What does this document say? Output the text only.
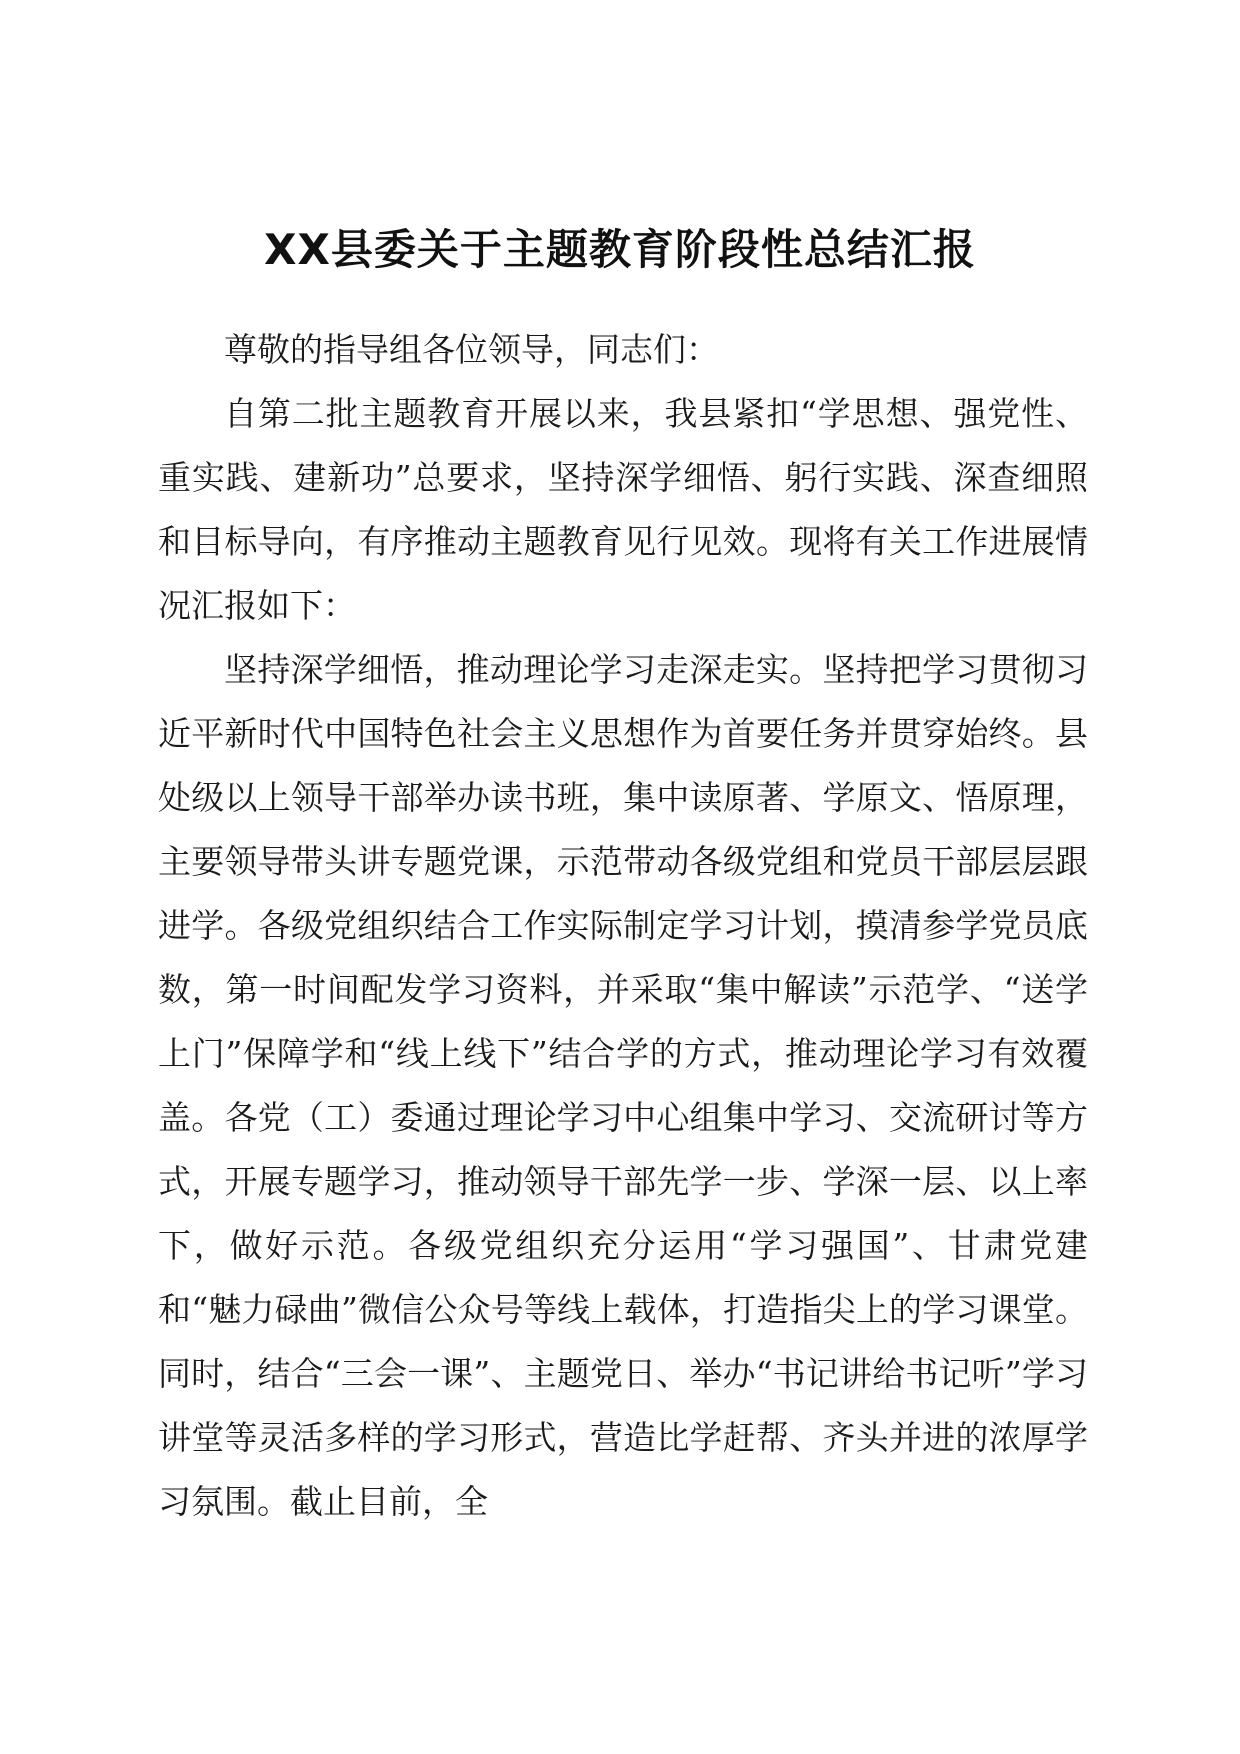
XX县委关于主题教育阶段性总结汇报

尊敬的指导组各位领导，同志们：

自第二批主题教育开展以来，我县紧扣“学思想、强党性、重实践、建新功”总要求，坚持深学细悟、躬行实践、深查细照和目标导向，有序推动主题教育见行见效。现将有关工作进展情况汇报如下：

坚持深学细悟，推动理论学习走深走实。坚持把学习贯彻习近平新时代中国特色社会主义思想作为首要任务并贯穿始终。县处级以上领导干部举办读书班，集中读原著、学原文、悟原理，主要领导带头讲专题党课，示范带动各级党组和党员干部层层跟进学。各级党组织结合工作实际制定学习计划，摸清参学党员底数，第一时间配发学习资料，并采取“集中解读”示范学、“送学上门”保障学和“线上线下”结合学的方式，推动理论学习有效覆盖。各党（工）委通过理论学习中心组集中学习、交流研讨等方式，开展专题学习，推动领导干部先学一步、学深一层、以上率下，做好示范。各级党组织充分运用“学习强国”、甘肃党建和“魅力碌曲”微信公众号等线上载体，打造指尖上的学习课堂。同时，结合“三会一课”、主题党日、举办“书记讲给书记听”学习讲堂等灵活多样的学习形式，营造比学赶帮、齐头并进的浓厚学习氛围。截止目前，全
